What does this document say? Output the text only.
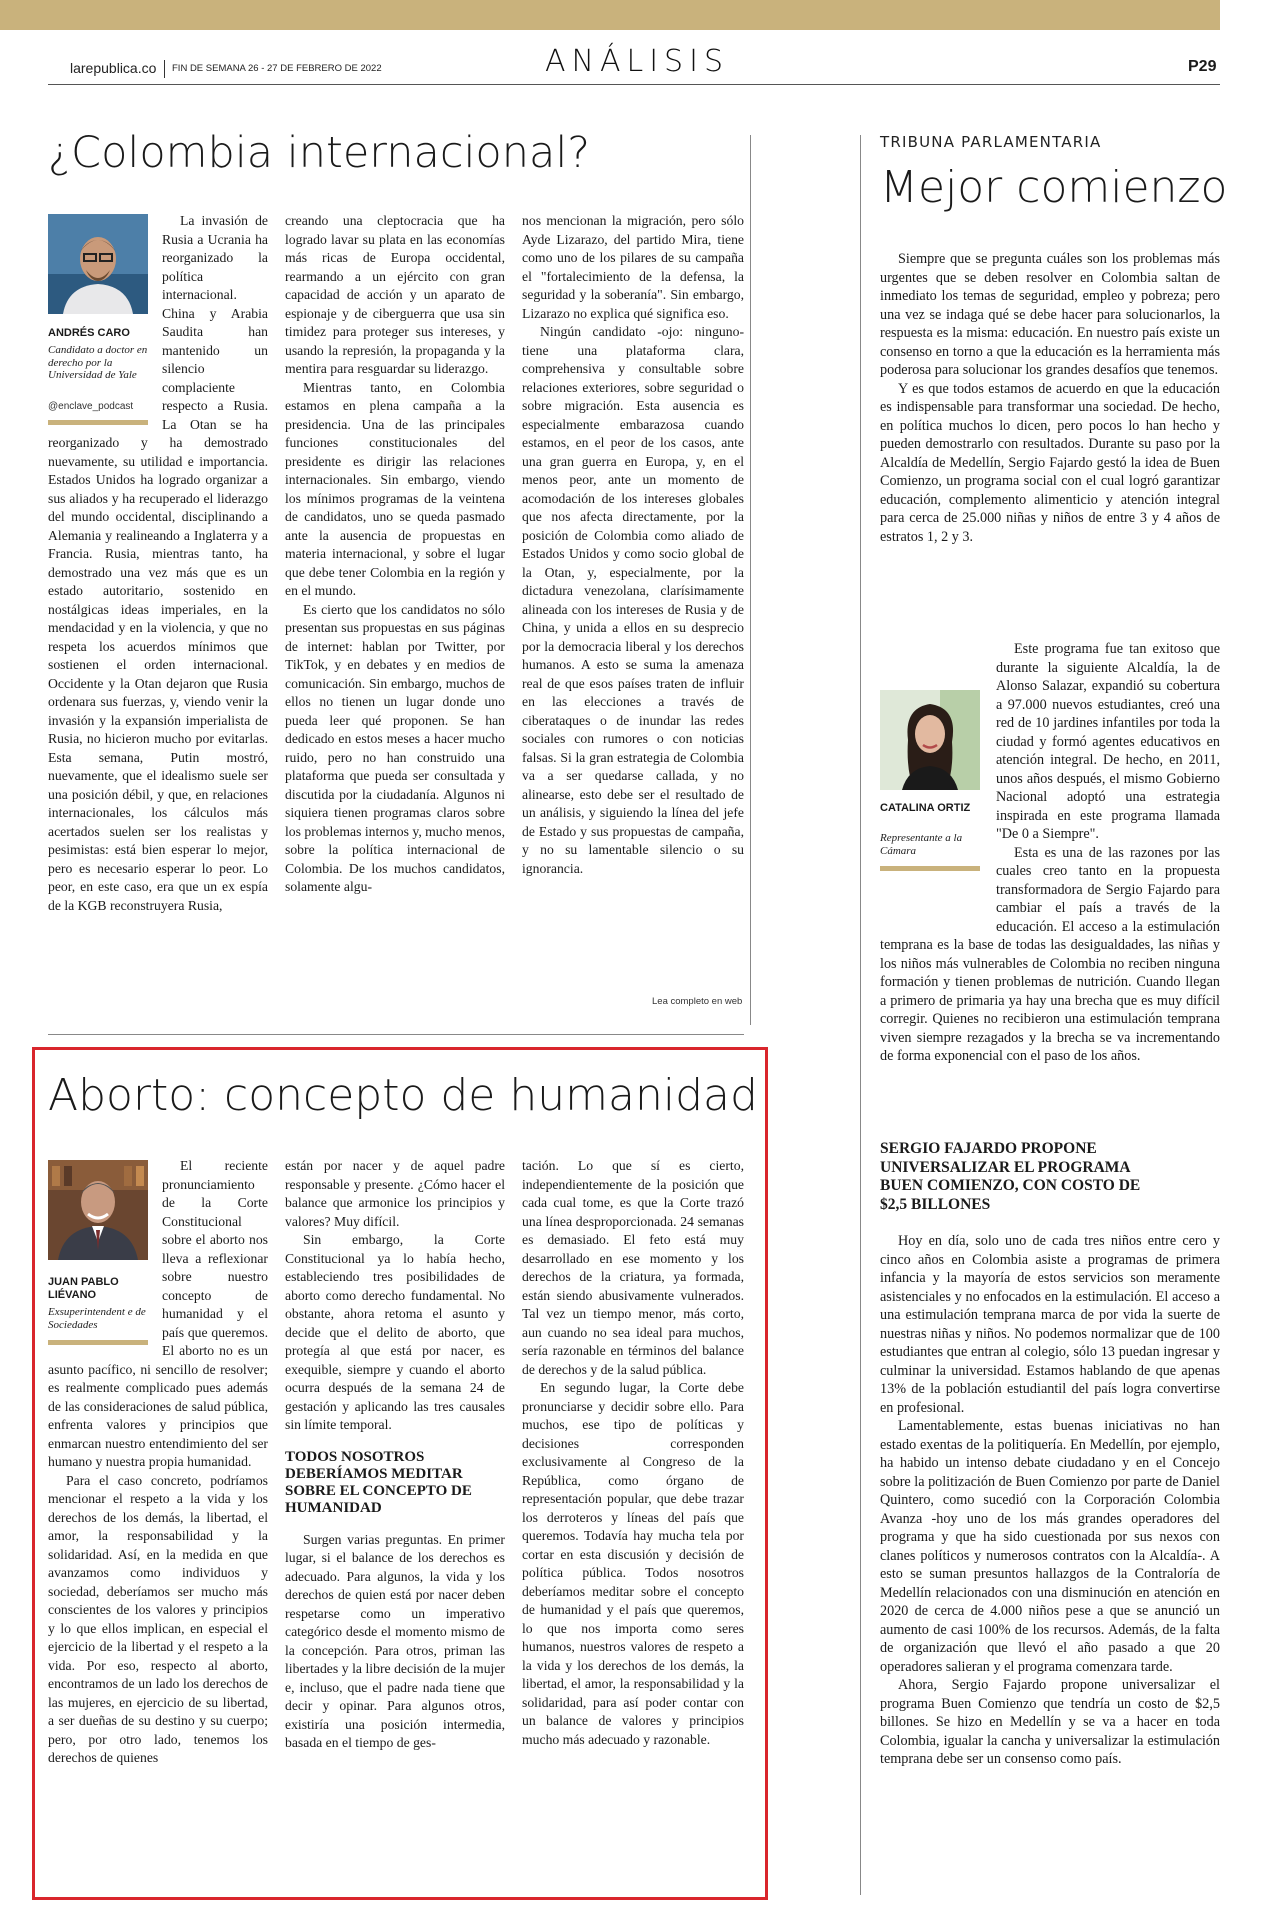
larepublica.co FIN DE SEMANA 26 - 27 DE FEBRERO DE 2022	ANÁLISIS	P29
¿Colombia internacional?
ANDRÉS CARO
Candidato a doctor en derecho por la Universidad de Yale
@enclave_podcast

La invasión de Rusia a Ucrania ha reorganizado la política internacional. China y Arabia Saudita han mantenido un silencio complaciente respecto a Rusia. La Otan se ha reorganizado y ha demostrado nuevamente, su utilidad e importancia. Estados Unidos ha logrado organizar a sus aliados y ha recuperado el liderazgo del mundo occidental, disciplinando a Alemania y realineando a Inglaterra y a Francia. Rusia, mientras tanto, ha demostrado una vez más que es un estado autoritario, sostenido en nostálgicas ideas imperiales, en la mendacidad y en la violencia, y que no respeta los acuerdos mínimos que sostienen el orden internacional. Occidente y la Otan dejaron que Rusia ordenara sus fuerzas, y, viendo venir la invasión y la expansión imperialista de Rusia, no hicieron mucho por evitarlas. Esta semana, Putin mostró, nuevamente, que el idealismo suele ser una posición débil, y que, en relaciones internacionales, los cálculos más acertados suelen ser los realistas y pesimistas: está bien esperar lo mejor, pero es necesario esperar lo peor. Lo peor, en este caso, era que un ex espía de la KGB reconstruyera Rusia,

creando una cleptocracia que ha logrado lavar su plata en las economías más ricas de Europa occidental, rearmando a un ejército con gran capacidad de acción y un aparato de espionaje y de ciberguerra que usa sin timidez para proteger sus intereses, y usando la represión, la propaganda y la mentira para resguardar su liderazgo.

Mientras tanto, en Colombia estamos en plena campaña a la presidencia. Una de las principales funciones constitucionales del presidente es dirigir las relaciones internacionales. Sin embargo, viendo los mínimos programas de la veintena de candidatos, uno se queda pasmado ante la ausencia de propuestas en materia internacional, y sobre el lugar que debe tener Colombia en la región y en el mundo.

Es cierto que los candidatos no sólo presentan sus propuestas en sus páginas de internet: hablan por Twitter, por TikTok, y en debates y en medios de comunicación. Sin embargo, muchos de ellos no tienen un lugar donde uno pueda leer qué proponen. Se han dedicado en estos meses a hacer mucho ruido, pero no han construido una plataforma que pueda ser consultada y discutida por la ciudadanía. Algunos ni siquiera tienen programas claros sobre los problemas internos y, mucho menos, sobre la política internacional de Colombia. De los muchos candidatos, solamente algu-

nos mencionan la migración, pero sólo Ayde Lizarazo, del partido Mira, tiene como uno de los pilares de su campaña el "fortalecimiento de la defensa, la seguridad y la soberanía". Sin embargo, Lizarazo no explica qué significa eso.

Ningún candidato -ojo: ninguno- tiene una plataforma clara, comprehensiva y consultable sobre relaciones exteriores, sobre seguridad o sobre migración. Esta ausencia es especialmente embarazosa cuando estamos, en el peor de los casos, ante una gran guerra en Europa, y, en el menos peor, ante un momento de acomodación de los intereses globales que nos afecta directamente, por la posición de Colombia como aliado de Estados Unidos y como socio global de la Otan, y, especialmente, por la dictadura venezolana, clarísimamente alineada con los intereses de Rusia y de China, y unida a ellos en su desprecio por la democracia liberal y los derechos humanos. A esto se suma la amenaza real de que esos países traten de influir en las elecciones a través de ciberataques o de inundar las redes sociales con rumores o con noticias falsas. Si la gran estrategia de Colombia va a ser quedarse callada, y no alinearse, esto debe ser el resultado de un análisis, y siguiendo la línea del jefe de Estado y sus propuestas de campaña, y no su lamentable silencio o su ignorancia.

Lea completo en web
Aborto: concepto de humanidad
JUAN PABLO LIÉVANO
Exsuperintendent e de Sociedades

El reciente pronunciamiento de la Corte Constitucional sobre el aborto nos lleva a reflexionar sobre nuestro concepto de humanidad y el país que queremos. El aborto no es un asunto pacífico, ni sencillo de resolver; es realmente complicado pues además de las consideraciones de salud pública, enfrenta valores y principios que enmarcan nuestro entendimiento del ser humano y nuestra propia humanidad.

Para el caso concreto, podríamos mencionar el respeto a la vida y los derechos de los demás, la libertad, el amor, la responsabilidad y la solidaridad. Así, en la medida en que avanzamos como individuos y sociedad, deberíamos ser mucho más conscientes de los valores y principios y lo que ellos implican, en especial el ejercicio de la libertad y el respeto a la vida. Por eso, respecto al aborto, encontramos de un lado los derechos de las mujeres, en ejercicio de su libertad, a ser dueñas de su destino y su cuerpo; pero, por otro lado, tenemos los derechos de quienes

están por nacer y de aquel padre responsable y presente. ¿Cómo hacer el balance que armonice los principios y valores? Muy difícil.

Sin embargo, la Corte Constitucional ya lo había hecho, estableciendo tres posibilidades de aborto como derecho fundamental. No obstante, ahora retoma el asunto y decide que el delito de aborto, que protegía al que está por nacer, es exequible, siempre y cuando el aborto ocurra después de la semana 24 de gestación y aplicando las tres causales sin límite temporal.

TODOS NOSOTROS DEBERÍAMOS MEDITAR SOBRE EL CONCEPTO DE HUMANIDAD

Surgen varias preguntas. En primer lugar, si el balance de los derechos es adecuado. Para algunos, la vida y los derechos de quien está por nacer deben respetarse como un imperativo categórico desde el momento mismo de la concepción. Para otros, priman las libertades y la libre decisión de la mujer e, incluso, que el padre nada tiene que decir y opinar. Para algunos otros, existiría una posición intermedia, basada en el tiempo de ges-

tación. Lo que sí es cierto, independientemente de la posición que cada cual tome, es que la Corte trazó una línea desproporcionada. 24 semanas es demasiado. El feto está muy desarrollado en ese momento y los derechos de la criatura, ya formada, están siendo abusivamente vulnerados. Tal vez un tiempo menor, más corto, aun cuando no sea ideal para muchos, sería razonable en términos del balance de derechos y de la salud pública.

En segundo lugar, la Corte debe pronunciarse y decidir sobre ello. Para muchos, ese tipo de políticas y decisiones corresponden exclusivamente al Congreso de la República, como órgano de representación popular, que debe trazar los derroteros y líneas del país que queremos. Todavía hay mucha tela por cortar en esta discusión y decisión de política pública. Todos nosotros deberíamos meditar sobre el concepto de humanidad y el país que queremos, lo que nos importa como seres humanos, nuestros valores de respeto a la vida y los derechos de los demás, la libertad, el amor, la responsabilidad y la solidaridad, para así poder contar con un balance de valores y principios mucho más adecuado y razonable.

TRIBUNA PARLAMENTARIA
Mejor comienzo

Siempre que se pregunta cuáles son los problemas más urgentes que se deben resolver en Colombia saltan de inmediato los temas de seguridad, empleo y pobreza; pero una vez se indaga qué se debe hacer para solucionarlos, la respuesta es la misma: educación. En nuestro país existe un consenso en torno a que la educación es la herramienta más poderosa para solucionar los grandes desafíos que tenemos.

Y es que todos estamos de acuerdo en que la educación es indispensable para transformar una sociedad. De hecho, en política muchos lo dicen, pero pocos lo han hecho y pueden demostrarlo con resultados. Durante su paso por la Alcaldía de Medellín, Sergio Fajardo gestó la idea de Buen Comienzo, un programa social con el cual logró garantizar educación, complemento alimenticio y atención integral para cerca de 25.000 niñas y niños de entre 3 y 4 años de estratos 1, 2 y 3.

CATALINA ORTIZ
Representante a la Cámara

Este programa fue tan exitoso que durante la siguiente Alcaldía, la de Alonso Salazar, expandió su cobertura a 97.000 nuevos estudiantes, creó una red de 10 jardines infantiles por toda la ciudad y formó agentes educativos en atención integral. De hecho, en 2011, unos años después, el mismo Gobierno Nacional adoptó una estrategia inspirada en este programa llamada "De 0 a Siempre".

Esta es una de las razones por las cuales creo tanto en la propuesta transformadora de Sergio Fajardo para cambiar el país a través de la educación. El acceso a la estimulación temprana es la base de todas las desigualdades, las niñas y los niños más vulnerables de Colombia no reciben ninguna formación y tienen problemas de nutrición. Cuando llegan a primero de primaria ya hay una brecha que es muy difícil corregir. Quienes no recibieron una estimulación temprana viven siempre rezagados y la brecha se va incrementando de forma exponencial con el paso de los años.

SERGIO FAJARDO PROPONE UNIVERSALIZAR EL PROGRAMA BUEN COMIENZO, CON COSTO DE $2,5 BILLONES

Hoy en día, solo uno de cada tres niños entre cero y cinco años en Colombia asiste a programas de primera infancia y la mayoría de estos servicios son meramente asistenciales y no enfocados en la estimulación. El acceso a una estimulación temprana marca de por vida la suerte de nuestras niñas y niños. No podemos normalizar que de 100 estudiantes que entran al colegio, sólo 13 puedan ingresar y culminar la universidad. Estamos hablando de que apenas 13% de la población estudiantil del país logra convertirse en profesional.

Lamentablemente, estas buenas iniciativas no han estado exentas de la politiquería. En Medellín, por ejemplo, ha habido un intenso debate ciudadano y en el Concejo sobre la politización de Buen Comienzo por parte de Daniel Quintero, como sucedió con la Corporación Colombia Avanza -hoy uno de los más grandes operadores del programa y que ha sido cuestionada por sus nexos con clanes políticos y numerosos contratos con la Alcaldía-. A esto se suman presuntos hallazgos de la Contraloría de Medellín relacionados con una disminución en atención en 2020 de cerca de 4.000 niños pese a que se anunció un aumento de casi 100% de los recursos. Además, de la falta de organización que llevó el año pasado a que 20 operadores salieran y el programa comenzara tarde.

Ahora, Sergio Fajardo propone universalizar el programa Buen Comienzo que tendría un costo de $2,5 billones. Se hizo en Medellín y se va a hacer en toda Colombia, igualar la cancha y universalizar la estimulación temprana debe ser un consenso como país.
